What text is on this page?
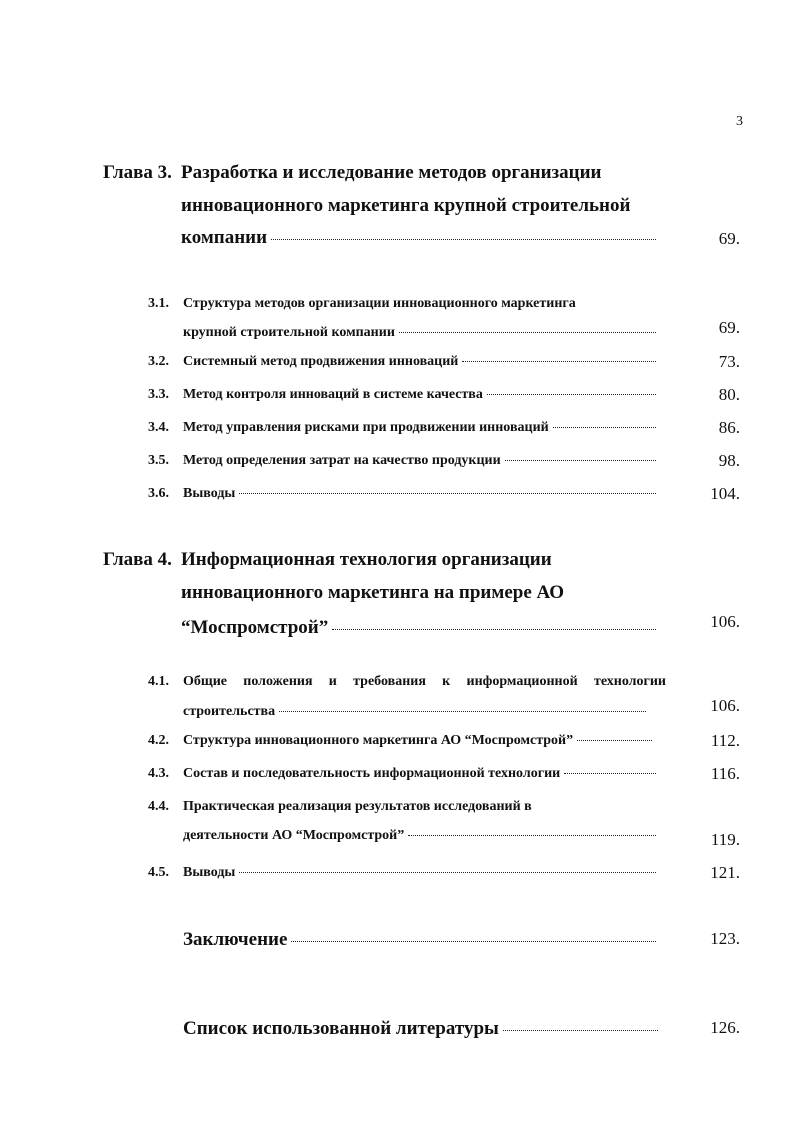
3
Глава 3. Разработка и исследование методов организации
инновационного маркетинга крупной строительной
компании	69.
3.1. Структура методов организации инновационного маркетинга
крупной строительной компании	69.
3.2. Системный метод продвижения инноваций	73.
3.3. Метод контроля инноваций в системе качества	80.
3.4. Метод управления рисками при продвижении инноваций	86.
3.5. Метод определения затрат на качество продукции	98.
3.6. Выводы	104.
Глава 4. Информационная технология организации
инновационного маркетинга на примере АО
“Моспромстрой”	106.
4.1. Общие положения и требования к информационной технологии
строительства	106.
4.2. Структура инновационного маркетинга АО “Моспромстрой”	112.
4.3. Состав и последовательность информационной технологии	116.
4.4. Практическая реализация результатов исследований в
деятельности АО “Моспромстрой”	119.
4.5. Выводы	121.
Заключение	123.
Список использованной литературы	126.
